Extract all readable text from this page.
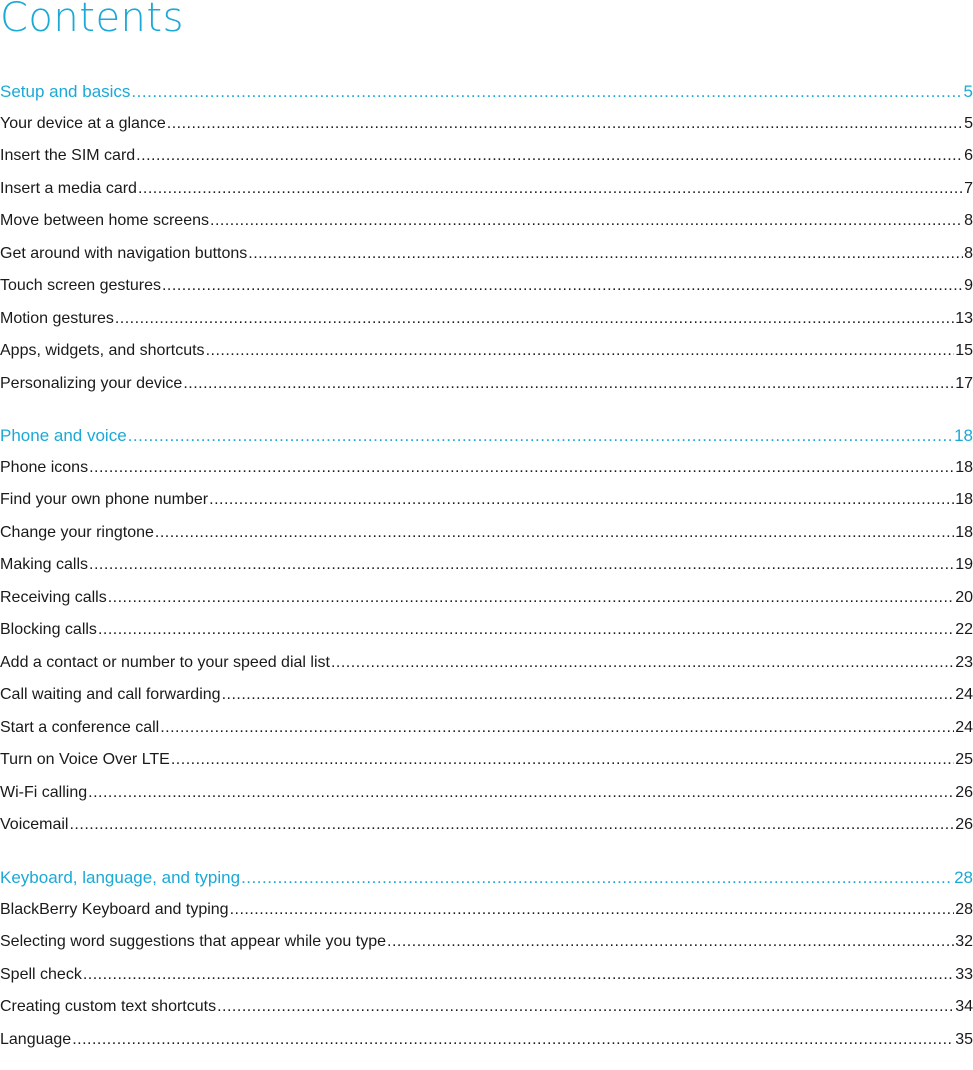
Contents
Setup and basics .....	5
Your device at a glance .....	5
Insert the SIM card .....	6
Insert a media card .....	7
Move between home screens .....	8
Get around with navigation buttons .....	8
Touch screen gestures .....	9
Motion gestures .....	13
Apps, widgets, and shortcuts .....	15
Personalizing your device .....	17
Phone and voice .....	18
Phone icons .....	18
Find your own phone number .....	18
Change your ringtone .....	18
Making calls .....	19
Receiving calls .....	20
Blocking calls .....	22
Add a contact or number to your speed dial list .....	23
Call waiting and call forwarding .....	24
Start a conference call .....	24
Turn on Voice Over LTE .....	25
Wi-Fi calling .....	26
Voicemail .....	26
Keyboard, language, and typing .....	28
BlackBerry Keyboard and typing .....	28
Selecting word suggestions that appear while you type .....	32
Spell check .....	33
Creating custom text shortcuts .....	34
Language .....	35
